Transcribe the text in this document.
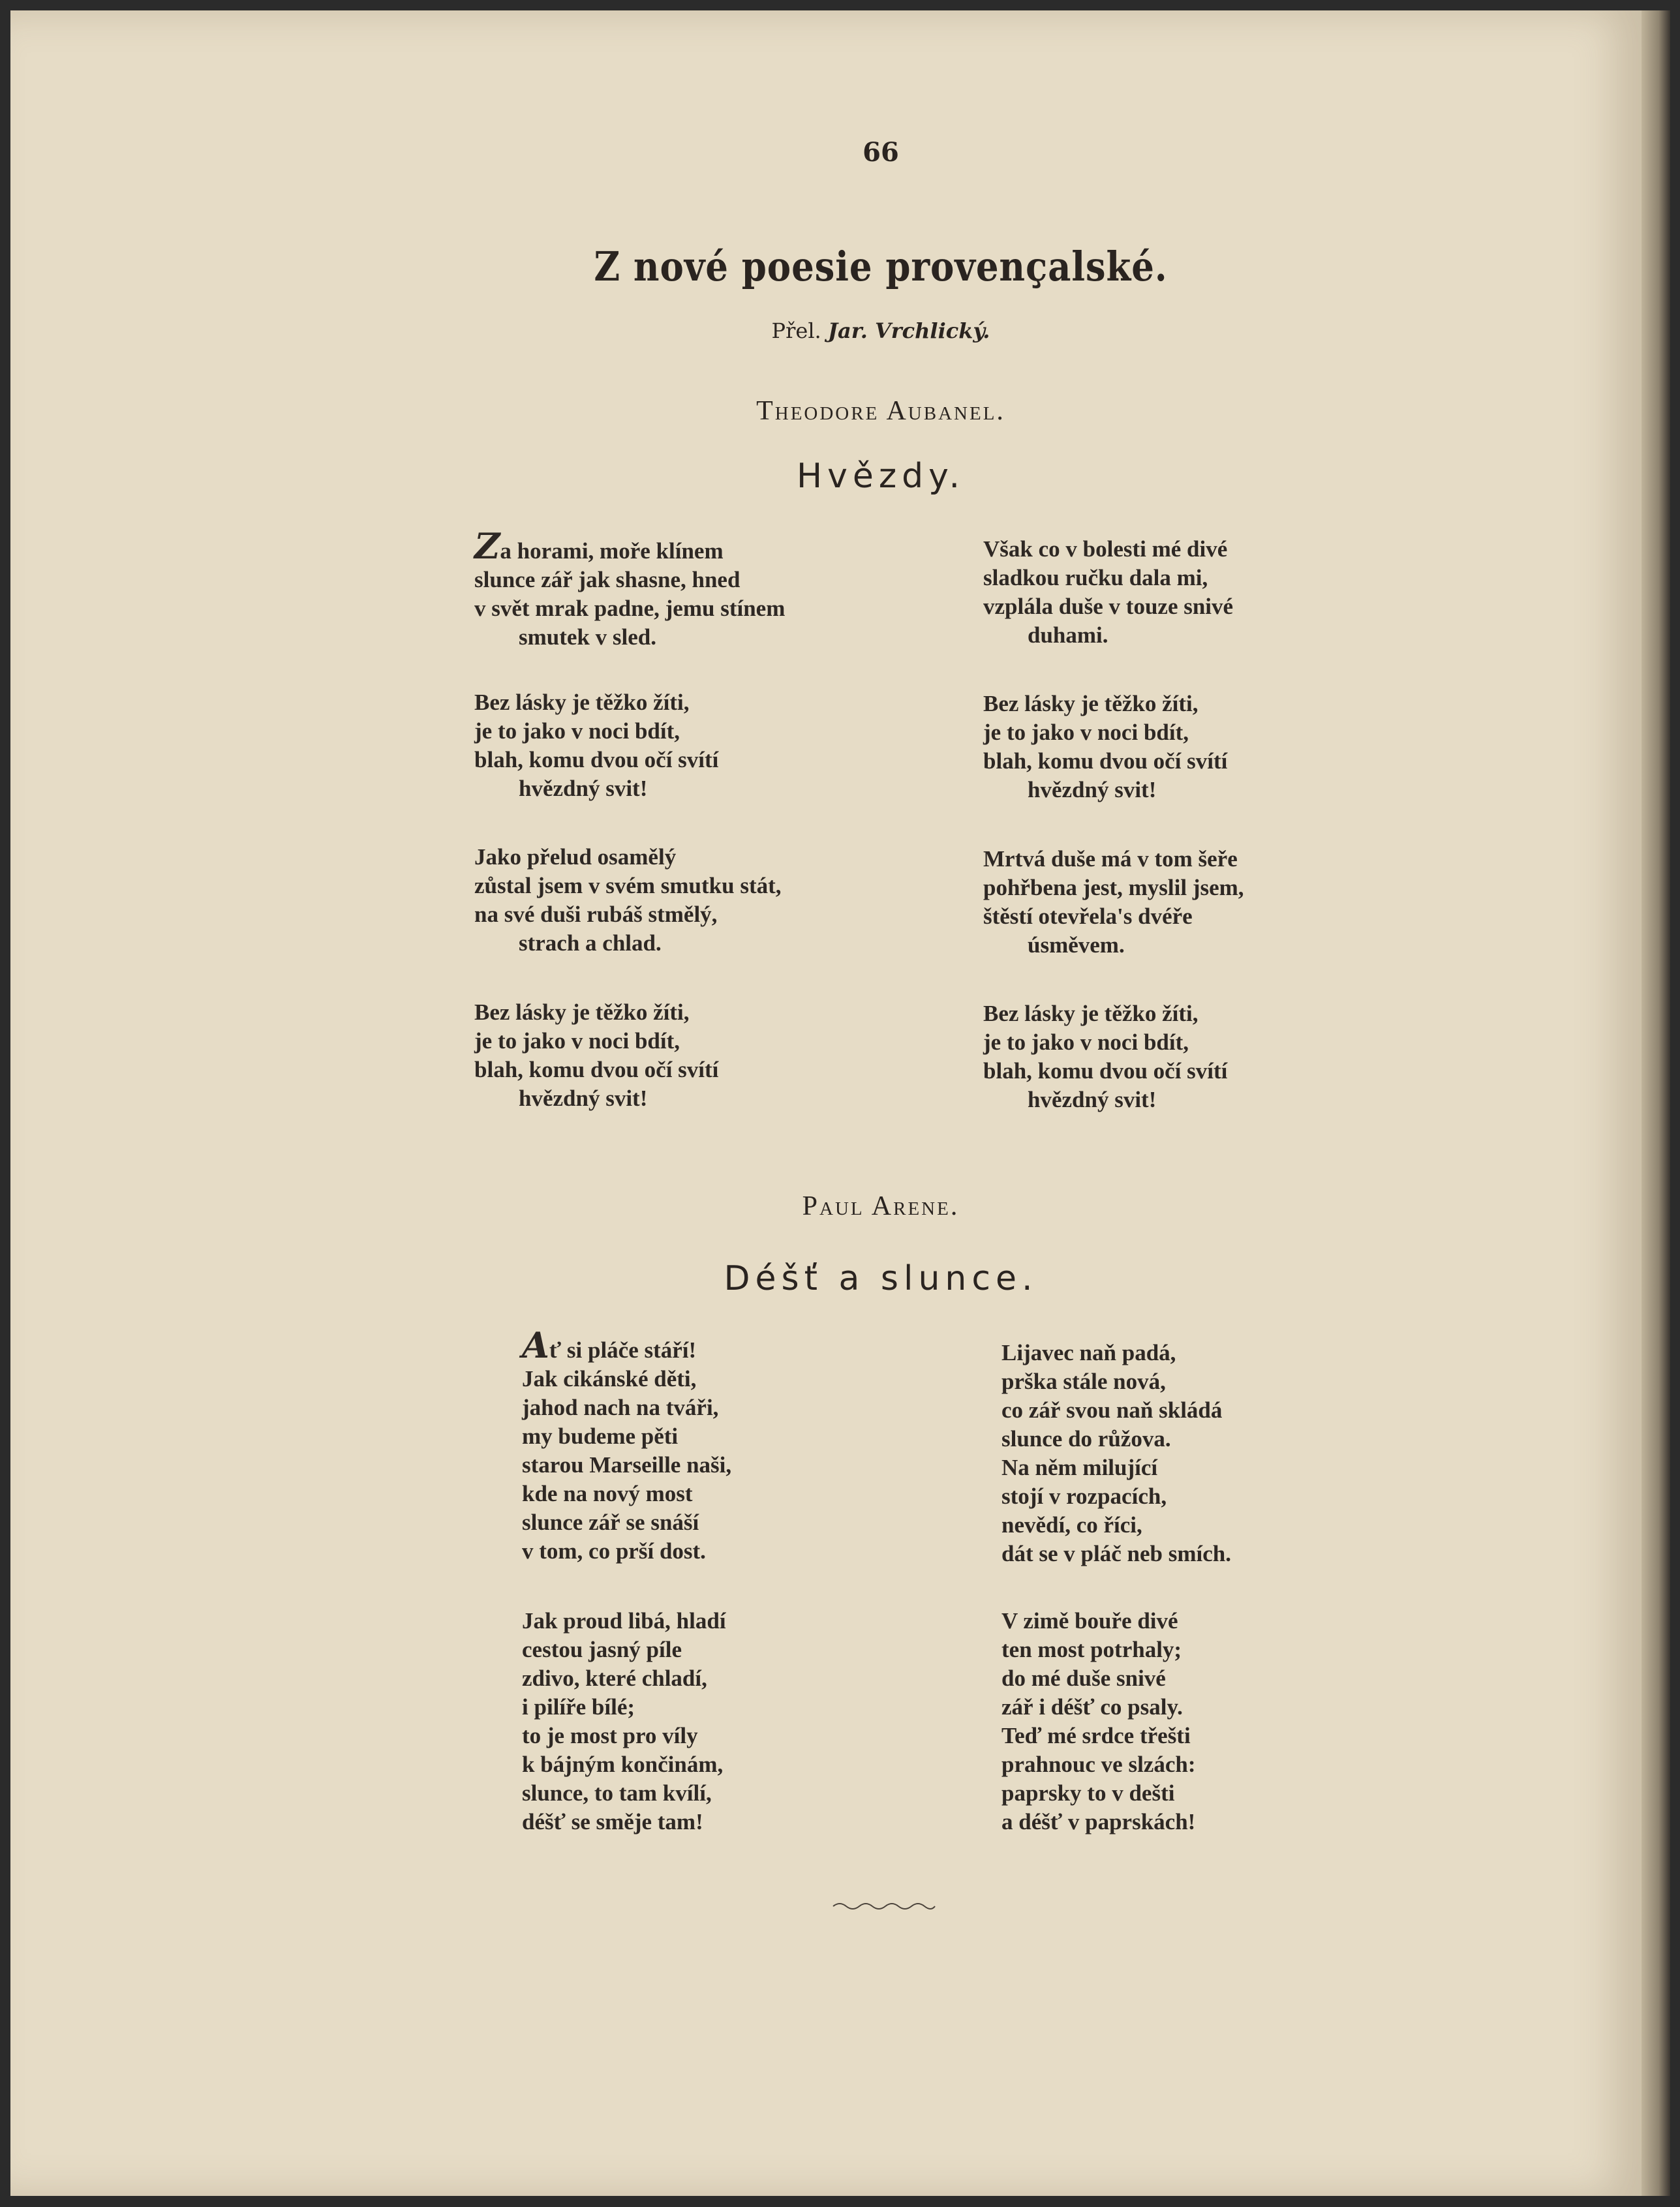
66
Z nové poesie provençalské.
Přel. Jar. Vrchlický.
Theodore Aubanel.
Hvězdy.
Za horami, moře klínem
slunce zář jak shasne, hned
v svět mrak padne, jemu stínem
smutek v sled.
Bez lásky je těžko žíti,
je to jako v noci bdít,
blah, komu dvou očí svítí
hvězdný svit!
Jako přelud osamělý
zůstal jsem v svém smutku stát,
na své duši rubáš stmělý,
strach a chlad.
Bez lásky je těžko žíti,
je to jako v noci bdít,
blah, komu dvou očí svítí
hvězdný svit!
Však co v bolesti mé divé
sladkou ručku dala mi,
vzplála duše v touze snivé
duhami.
Bez lásky je těžko žíti,
je to jako v noci bdít,
blah, komu dvou očí svítí
hvězdný svit!
Mrtvá duše má v tom šeře
pohřbena jest, myslil jsem,
štěstí otevřela's dvéře
úsměvem.
Bez lásky je těžko žíti,
je to jako v noci bdít,
blah, komu dvou očí svítí
hvězdný svit!
Paul Arene.
Déšť a slunce.
Ať si pláče stáří!
Jak cikánské děti,
jahod nach na tváři,
my budeme pěti
starou Marseille naši,
kde na nový most
slunce zář se snáší
v tom, co prší dost.
Jak proud libá, hladí
cestou jasný píle
zdivo, které chladí,
i pilíře bílé;
to je most pro víly
k bájným končinám,
slunce, to tam kvílí,
déšť se směje tam!
Lijavec naň padá,
prška stále nová,
co zář svou naň skládá
slunce do růžova.
Na něm milující
stojí v rozpacích,
nevědí, co říci,
dát se v pláč neb smích.
V zimě bouře divé
ten most potrhaly;
do mé duše snivé
zář i déšť co psaly.
Teď mé srdce třešti
prahnouc ve slzách:
paprsky to v dešti
a déšť v paprskách!
